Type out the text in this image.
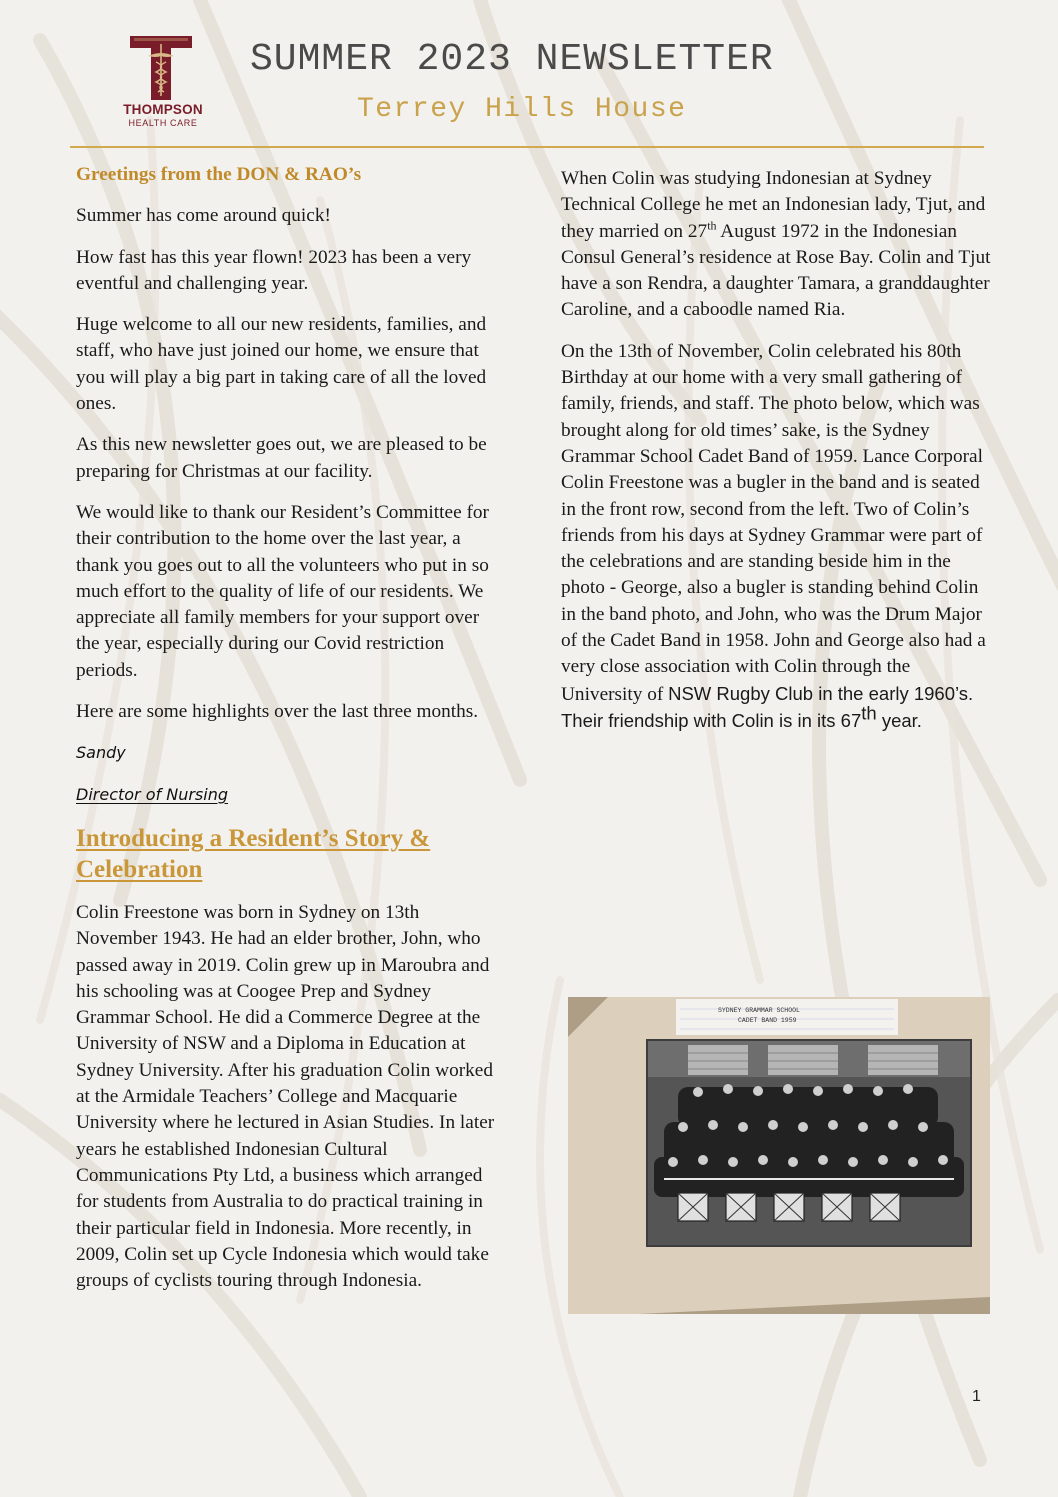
THOMPSON
HEALTH CARE
SUMMER 2023 NEWSLETTER
Terrey Hills House

Greetings from the DON & RAO’s

Summer has come around quick!

How fast has this year flown! 2023 has been a very eventful and challenging year.

Huge welcome to all our new residents, families, and staff, who have just joined our home, we ensure that you will play a big part in taking care of all the loved ones.

As this new newsletter goes out, we are pleased to be preparing for Christmas at our facility.

We would like to thank our Resident’s Committee for their contribution to the home over the last year, a thank you goes out to all the volunteers who put in so much effort to the quality of life of our residents. We appreciate all family members for your support over the year, especially during our Covid restriction periods.

Here are some highlights over the last three months.

Sandy

Director of Nursing

Introducing a Resident’s Story & Celebration

Colin Freestone was born in Sydney on 13th November 1943. He had an elder brother, John, who passed away in 2019. Colin grew up in Maroubra and his schooling was at Coogee Prep and Sydney Grammar School. He did a Commerce Degree at the University of NSW and a Diploma in Education at Sydney University. After his graduation Colin worked at the Armidale Teachers’ College and Macquarie University where he lectured in Asian Studies. In later years he established Indonesian Cultural Communications Pty Ltd, a business which arranged for students from Australia to do practical training in their particular field in Indonesia. More recently, in 2009, Colin set up Cycle Indonesia which would take groups of cyclists touring through Indonesia.

When Colin was studying Indonesian at Sydney Technical College he met an Indonesian lady, Tjut, and they married on 27th August 1972 in the Indonesian Consul General’s residence at Rose Bay. Colin and Tjut have a son Rendra, a daughter Tamara, a granddaughter Caroline, and a caboodle named Ria.

On the 13th of November, Colin celebrated his 80th Birthday at our home with a very small gathering of family, friends, and staff. The photo below, which was brought along for old times’ sake, is the Sydney Grammar School Cadet Band of 1959. Lance Corporal Colin Freestone was a bugler in the band and is seated in the front row, second from the left. Two of Colin’s friends from his days at Sydney Grammar were part of the celebrations and are standing beside him in the photo - George, also a bugler is standing behind Colin in the band photo, and John, who was the Drum Major of the Cadet Band in 1958. John and George also had a very close association with Colin through the University of NSW Rugby Club in the early 1960’s. Their friendship with Colin is in its 67th year.

SYDNEY GRAMMAR SCHOOL
CADET BAND 1959
1
